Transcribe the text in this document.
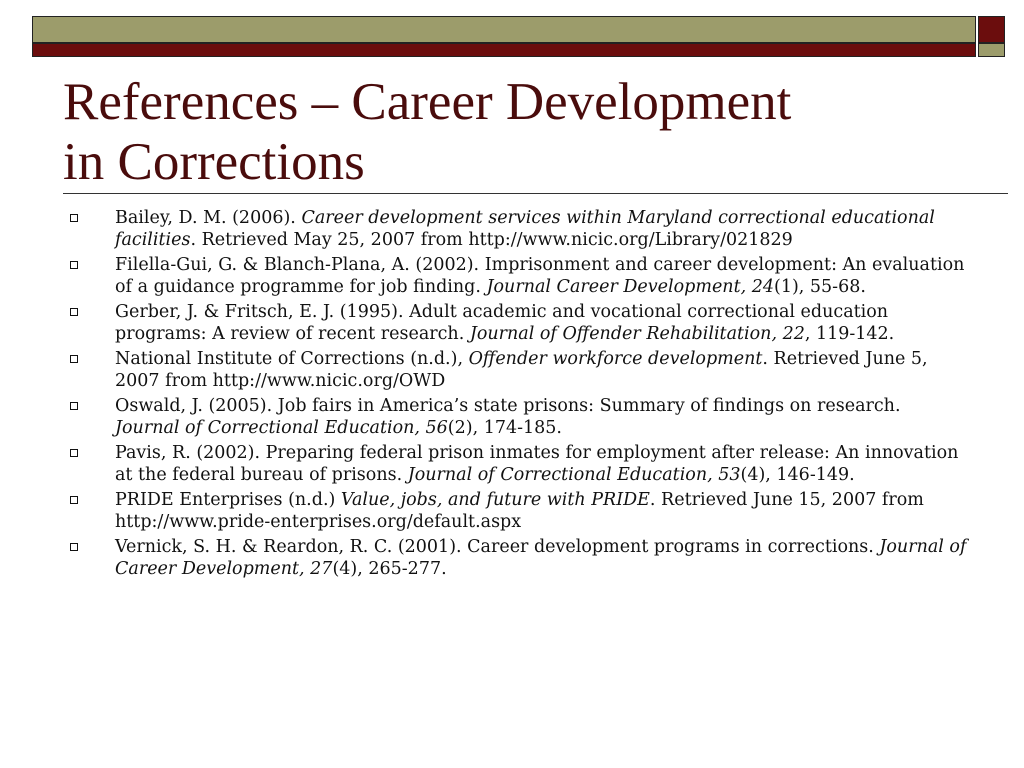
References – Career Development
in Corrections
Bailey, D. M. (2006). Career development services within Maryland correctional educational facilities. Retrieved May 25, 2007 from http://www.nicic.org/Library/021829
Filella-Gui, G. & Blanch-Plana, A. (2002). Imprisonment and career development: An evaluation of a guidance programme for job finding. Journal Career Development, 24(1), 55-68.
Gerber, J. & Fritsch, E. J. (1995). Adult academic and vocational correctional education programs: A review of recent research. Journal of Offender Rehabilitation, 22, 119-142.
National Institute of Corrections (n.d.), Offender workforce development. Retrieved June 5, 2007 from http://www.nicic.org/OWD
Oswald, J. (2005). Job fairs in America’s state prisons: Summary of findings on research. Journal of Correctional Education, 56(2), 174-185.
Pavis, R. (2002). Preparing federal prison inmates for employment after release: An innovation at the federal bureau of prisons. Journal of Correctional Education, 53(4), 146-149.
PRIDE Enterprises (n.d.) Value, jobs, and future with PRIDE. Retrieved June 15, 2007 from http://www.pride-enterprises.org/default.aspx
Vernick, S. H. & Reardon, R. C. (2001). Career development programs in corrections. Journal of Career Development, 27(4), 265-277.
